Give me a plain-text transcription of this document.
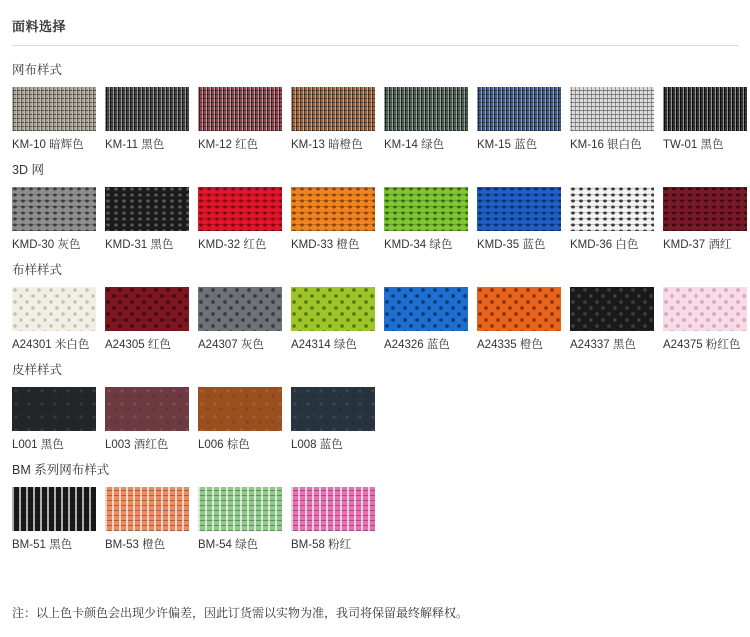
面料选择
网布样式
KM-10 暗辉色	KM-11 黑色	KM-12 红色	KM-13 暗橙色	KM-14 绿色	KM-15 蓝色	KM-16 银白色	TW-01 黑色
3D 网
KMD-30 灰色	KMD-31 黑色	KMD-32 红色	KMD-33 橙色	KMD-34 绿色	KMD-35 蓝色	KMD-36 白色	KMD-37 酒红
布样样式
A24301 米白色	A24305 红色	A24307 灰色	A24314 绿色	A24326 蓝色	A24335 橙色	A24337 黑色	A24375 粉红色
皮样样式
L001 黑色	L003 酒红色	L006 棕色	L008 蓝色
BM 系列网布样式
BM-51 黑色	BM-53 橙色	BM-54 绿色	BM-58 粉红
注：以上色卡颜色会出现少许偏差，因此订货需以实物为准，我司将保留最终解释权。
